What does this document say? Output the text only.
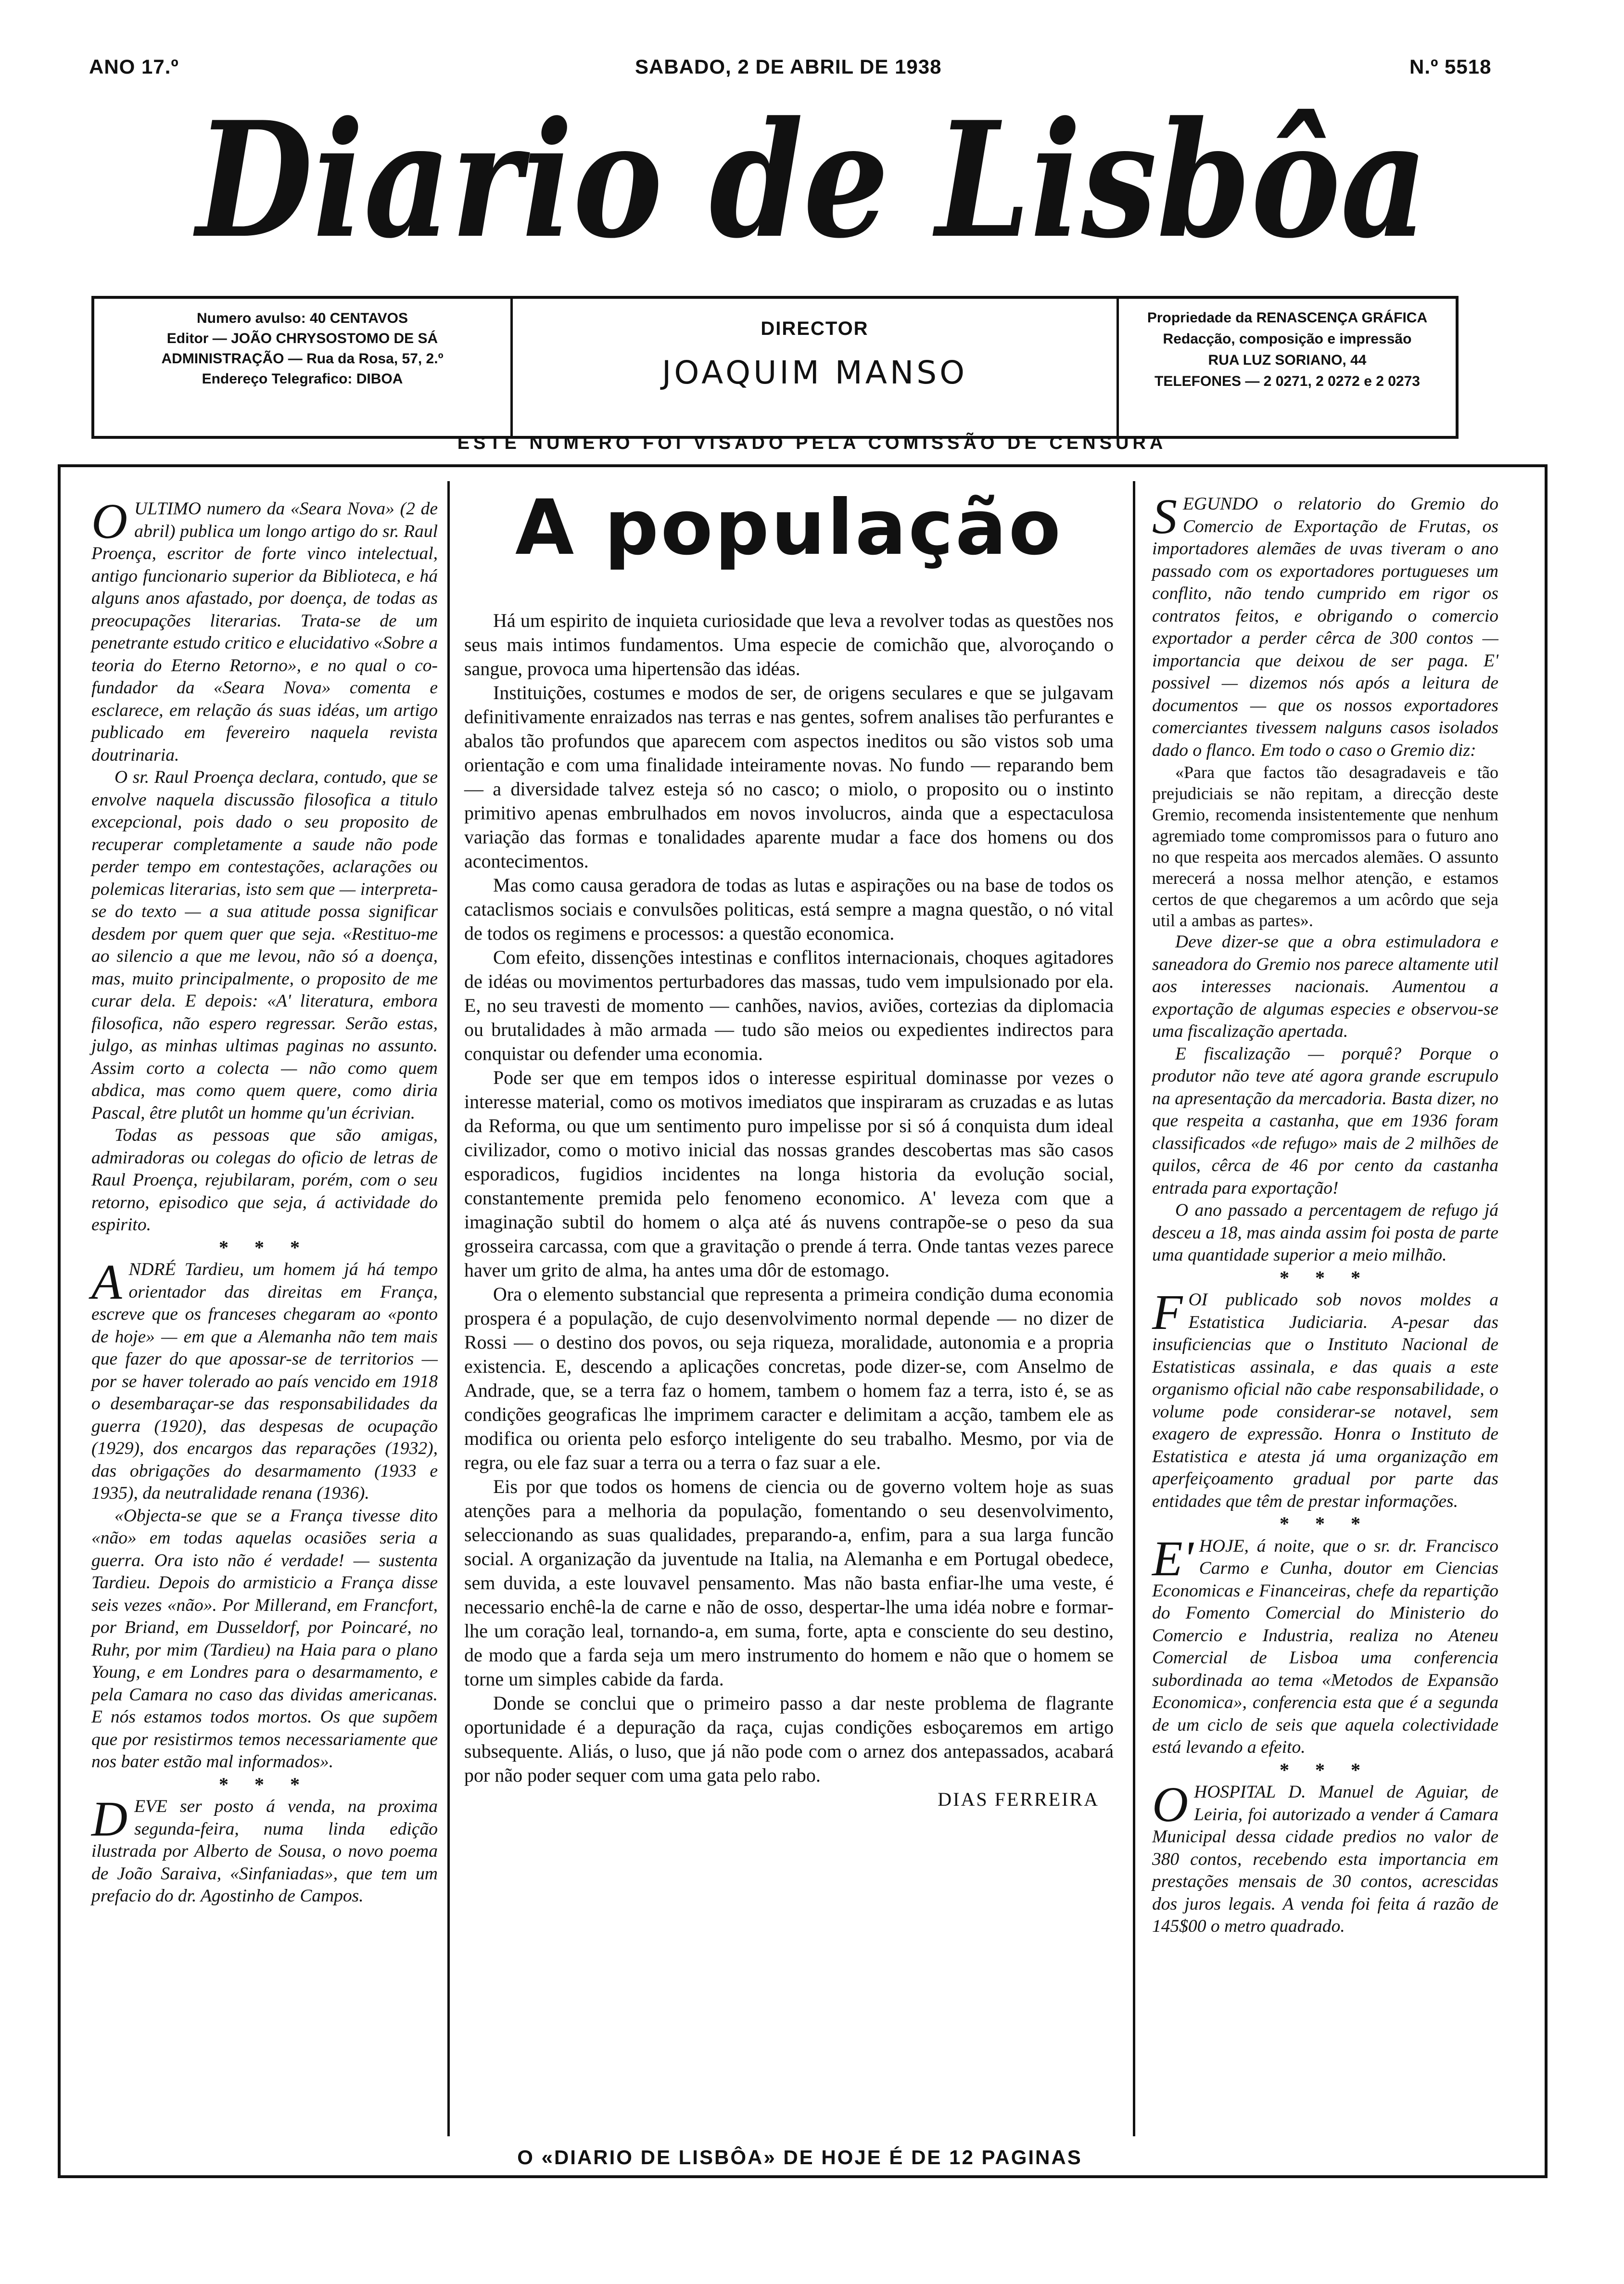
ANO 17.º	SABADO, 2 DE ABRIL DE 1938	N.º 5518
Diario de Lisbôa
Numero avulso: 40 CENTAVOS
Editor — JOÃO CHRYSOSTOMO DE SÁ
ADMINISTRAÇÃO — Rua da Rosa, 57, 2.º
Endereço Telegrafico: DIBOA
DIRECTOR
JOAQUIM MANSO
Propriedade da RENASCENÇA GRÁFICA
Redacção, composição e impressão
RUA LUZ SORIANO, 44
TELEFONES — 2 0271, 2 0272 e 2 0273
ESTE NUMERO FOI VISADO PELA COMISSÃO DE CENSURA

OULTIMO numero da «Seara Nova» (2 de abril) publica um longo artigo do sr. Raul Proença, escritor de forte vinco intelectual, antigo funcionario superior da Biblioteca, e há alguns anos afastado, por doença, de todas as preocupações literarias. Trata-se de um penetrante estudo critico e elucidativo «Sobre a teoria do Eterno Retorno», e no qual o co-fundador da «Seara Nova» comenta e esclarece, em relação ás suas idéas, um artigo publicado em fevereiro naquela revista doutrinaria.

O sr. Raul Proença declara, contudo, que se envolve naquela discussão filosofica a titulo excepcional, pois dado o seu proposito de recuperar completamente a saude não pode perder tempo em contestações, aclarações ou polemicas literarias, isto sem que — interpreta-se do texto — a sua atitude possa significar desdem por quem quer que seja. «Restituo-me ao silencio a que me levou, não só a doença, mas, muito principalmente, o proposito de me curar dela. E depois: «A' literatura, embora filosofica, não espero regressar. Serão estas, julgo, as minhas ultimas paginas no assunto. Assim corto a colecta — não como quem abdica, mas como quem quere, como diria Pascal, être plutôt un homme qu'un écrivian.

Todas as pessoas que são amigas, admiradoras ou colegas do oficio de letras de Raul Proença, rejubilaram, porém, com o seu retorno, episodico que seja, á actividade do espirito.

* * *

ANDRÉ Tardieu, um homem já há tempo orientador das direitas em França, escreve que os franceses chegaram ao «ponto de hoje» — em que a Alemanha não tem mais que fazer do que apossar-se de territorios — por se haver tolerado ao país vencido em 1918 o desembaraçar-se das responsabilidades da guerra (1920), das despesas de ocupação (1929), dos encargos das reparações (1932), das obrigações do desarmamento (1933 e 1935), da neutralidade renana (1936).

«Objecta-se que se a França tivesse dito «não» em todas aquelas ocasiões seria a guerra. Ora isto não é verdade! — sustenta Tardieu. Depois do armisticio a França disse seis vezes «não». Por Millerand, em Francfort, por Briand, em Dusseldorf, por Poincaré, no Ruhr, por mim (Tardieu) na Haia para o plano Young, e em Londres para o desarmamento, e pela Camara no caso das dividas americanas. E nós estamos todos mortos. Os que supõem que por resistirmos temos necessariamente que nos bater estão mal informados».

* * *

DEVE ser posto á venda, na proxima segunda-feira, numa linda edição ilustrada por Alberto de Sousa, o novo poema de João Saraiva, «Sinfaniadas», que tem um prefacio do dr. Agostinho de Campos.

A população

Há um espirito de inquieta curiosidade que leva a revolver todas as questões nos seus mais intimos fundamentos. Uma especie de comichão que, alvoroçando o sangue, provoca uma hipertensão das idéas.

Instituições, costumes e modos de ser, de origens seculares e que se julgavam definitivamente enraizados nas terras e nas gentes, sofrem analises tão perfurantes e abalos tão profundos que aparecem com aspectos ineditos ou são vistos sob uma orientação e com uma finalidade inteiramente novas. No fundo — reparando bem — a diversidade talvez esteja só no casco; o miolo, o proposito ou o instinto primitivo apenas embrulhados em novos involucros, ainda que a espectaculosa variação das formas e tonalidades aparente mudar a face dos homens ou dos acontecimentos.

Mas como causa geradora de todas as lutas e aspirações ou na base de todos os cataclismos sociais e convulsões politicas, está sempre a magna questão, o nó vital de todos os regimens e processos: a questão economica.

Com efeito, dissenções intestinas e conflitos internacionais, choques agitadores de idéas ou movimentos perturbadores das massas, tudo vem impulsionado por ela. E, no seu travesti de momento — canhões, navios, aviões, cortezias da diplomacia ou brutalidades à mão armada — tudo são meios ou expedientes indirectos para conquistar ou defender uma economia.

Pode ser que em tempos idos o interesse espiritual dominasse por vezes o interesse material, como os motivos imediatos que inspiraram as cruzadas e as lutas da Reforma, ou que um sentimento puro impelisse por si só á conquista dum ideal civilizador, como o motivo inicial das nossas grandes descobertas mas são casos esporadicos, fugidios incidentes na longa historia da evolução social, constantemente premida pelo fenomeno economico. A' leveza com que a imaginação subtil do homem o alça até ás nuvens contrapõe-se o peso da sua grosseira carcassa, com que a gravitação o prende á terra. Onde tantas vezes parece haver um grito de alma, ha antes uma dôr de estomago.

Ora o elemento substancial que representa a primeira condição duma economia prospera é a população, de cujo desenvolvimento normal depende — no dizer de Rossi — o destino dos povos, ou seja riqueza, moralidade, autonomia e a propria existencia. E, descendo a aplicações concretas, pode dizer-se, com Anselmo de Andrade, que, se a terra faz o homem, tambem o homem faz a terra, isto é, se as condições geograficas lhe imprimem caracter e delimitam a acção, tambem ele as modifica ou orienta pelo esforço inteligente do seu trabalho. Mesmo, por via de regra, ou ele faz suar a terra ou a terra o faz suar a ele.

Eis por que todos os homens de ciencia ou de governo voltem hoje as suas atenções para a melhoria da população, fomentando o seu desenvolvimento, seleccionando as suas qualidades, preparando-a, enfim, para a sua larga funcão social. A organização da juventude na Italia, na Alemanha e em Portugal obedece, sem duvida, a este louvavel pensamento. Mas não basta enfiar-lhe uma veste, é necessario enchê-la de carne e não de osso, despertar-lhe uma idéa nobre e formar-lhe um coração leal, tornando-a, em suma, forte, apta e consciente do seu destino, de modo que a farda seja um mero instrumento do homem e não que o homem se torne um simples cabide da farda.

Donde se conclui que o primeiro passo a dar neste problema de flagrante oportunidade é a depuração da raça, cujas condições esboçaremos em artigo subsequente. Aliás, o luso, que já não pode com o arnez dos antepassados, acabará por não poder sequer com uma gata pelo rabo.

DIAS FERREIRA

SEGUNDO o relatorio do Gremio do Comercio de Exportação de Frutas, os importadores alemães de uvas tiveram o ano passado com os exportadores portugueses um conflito, não tendo cumprido em rigor os contratos feitos, e obrigando o comercio exportador a perder cêrca de 300 contos — importancia que deixou de ser paga. E' possivel — dizemos nós após a leitura de documentos — que os nossos exportadores comerciantes tivessem nalguns casos isolados dado o flanco. Em todo o caso o Gremio diz:

«Para que factos tão desagradaveis e tão prejudiciais se não repitam, a direcção deste Gremio, recomenda insistentemente que nenhum agremiado tome compromissos para o futuro ano no que respeita aos mercados alemães. O assunto merecerá a nossa melhor atenção, e estamos certos de que chegaremos a um acôrdo que seja util a ambas as partes».

Deve dizer-se que a obra estimuladora e saneadora do Gremio nos parece altamente util aos interesses nacionais. Aumentou a exportação de algumas especies e observou-se uma fiscalização apertada.

E fiscalização — porquê? Porque o produtor não teve até agora grande escrupulo na apresentação da mercadoria. Basta dizer, no que respeita a castanha, que em 1936 foram classificados «de refugo» mais de 2 milhões de quilos, cêrca de 46 por cento da castanha entrada para exportação!

O ano passado a percentagem de refugo já desceu a 18, mas ainda assim foi posta de parte uma quantidade superior a meio milhão.

* * *

FOI publicado sob novos moldes a Estatistica Judiciaria. A-pesar das insuficiencias que o Instituto Nacional de Estatisticas assinala, e das quais a este organismo oficial não cabe responsabilidade, o volume pode considerar-se notavel, sem exagero de expressão. Honra o Instituto de Estatistica e atesta já uma organização em aperfeiçoamento gradual por parte das entidades que têm de prestar informações.

* * *

E' HOJE, á noite, que o sr. dr. Francisco Carmo e Cunha, doutor em Ciencias Economicas e Financeiras, chefe da repartição do Fomento Comercial do Ministerio do Comercio e Industria, realiza no Ateneu Comercial de Lisboa uma conferencia subordinada ao tema «Metodos de Expansão Economica», conferencia esta que é a segunda de um ciclo de seis que aquela colectividade está levando a efeito.

* * *

OHOSPITAL D. Manuel de Aguiar, de Leiria, foi autorizado a vender á Camara Municipal dessa cidade predios no valor de 380 contos, recebendo esta importancia em prestações mensais de 30 contos, acrescidas dos juros legais. A venda foi feita á razão de 145$00 o metro quadrado.

O «DIARIO DE LISBÔA» DE HOJE É DE 12 PAGINAS
